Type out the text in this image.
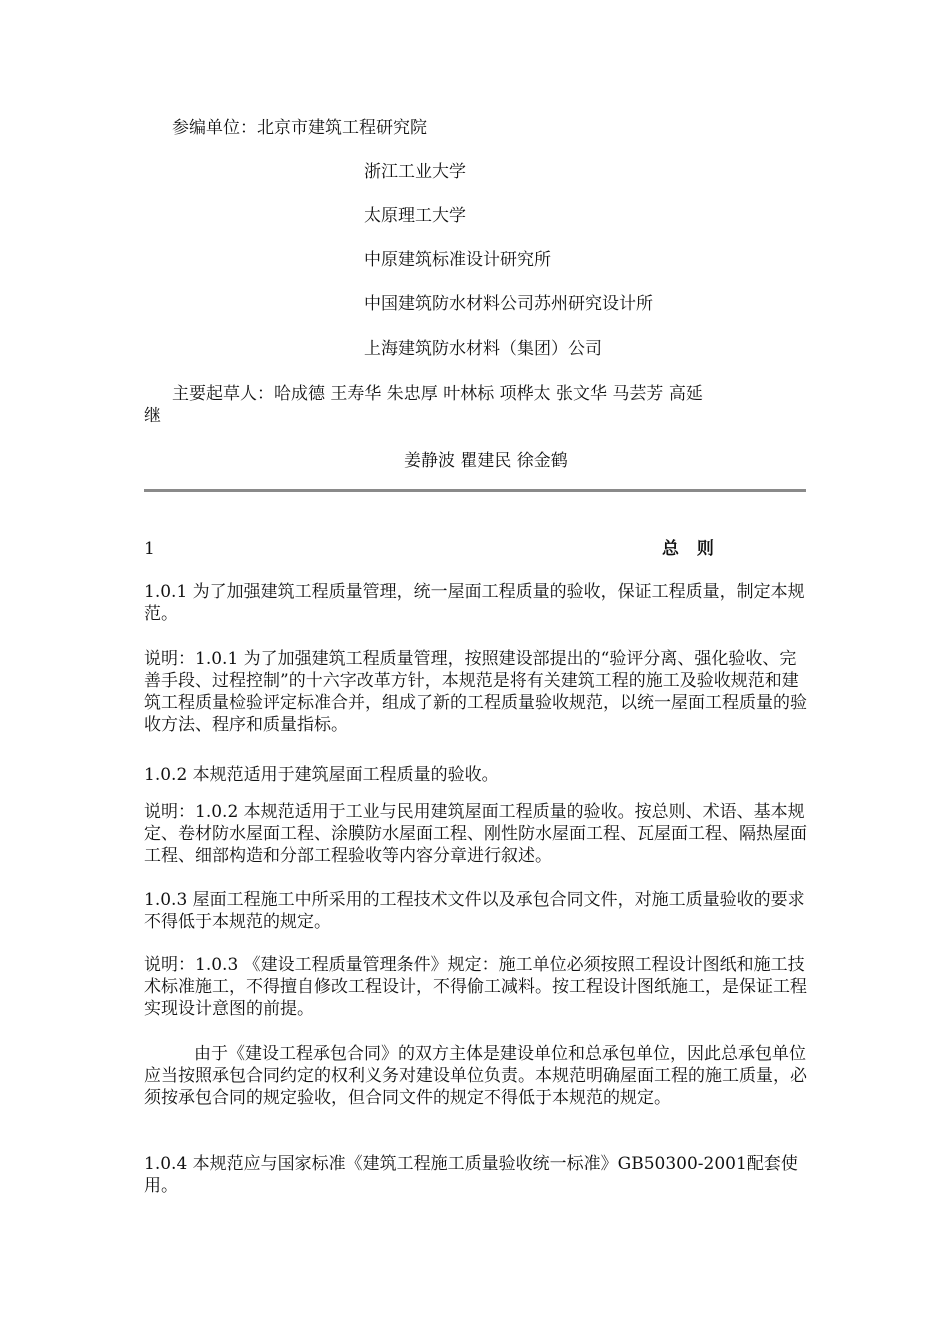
参编单位：北京市建筑工程研究院
浙江工业大学
太原理工大学
中原建筑标准设计研究所
中国建筑防水材料公司苏州研究设计所
上海建筑防水材料（集团）公司
主要起草人：哈成德 王寿华 朱忠厚 叶林标 项桦太 张文华 马芸芳 高延
继
姜静波 瞿建民 徐金鹤
1	总 则
1.0.1 为了加强建筑工程质量管理，统一屋面工程质量的验收，保证工程质量，制定本规范。
说明：1.0.1 为了加强建筑工程质量管理，按照建设部提出的“验评分离、强化验收、完善手段、过程控制”的十六字改革方针，本规范是将有关建筑工程的施工及验收规范和建筑工程质量检验评定标准合并，组成了新的工程质量验收规范，以统一屋面工程质量的验收方法、程序和质量指标。
1.0.2 本规范适用于建筑屋面工程质量的验收。
说明：1.0.2 本规范适用于工业与民用建筑屋面工程质量的验收。按总则、术语、基本规定、卷材防水屋面工程、涂膜防水屋面工程、刚性防水屋面工程、瓦屋面工程、隔热屋面工程、细部构造和分部工程验收等内容分章进行叙述。
1.0.3 屋面工程施工中所采用的工程技术文件以及承包合同文件，对施工质量验收的要求不得低于本规范的规定。
说明：1.0.3 《建设工程质量管理条件》规定：施工单位必须按照工程设计图纸和施工技术标准施工，不得擅自修改工程设计，不得偷工减料。按工程设计图纸施工，是保证工程实现设计意图的前提。
由于《建设工程承包合同》的双方主体是建设单位和总承包单位，因此总承包单位应当按照承包合同约定的权利义务对建设单位负责。本规范明确屋面工程的施工质量，必须按承包合同的规定验收，但合同文件的规定不得低于本规范的规定。
1.0.4 本规范应与国家标准《建筑工程施工质量验收统一标准》GB50300-2001配套使用。
